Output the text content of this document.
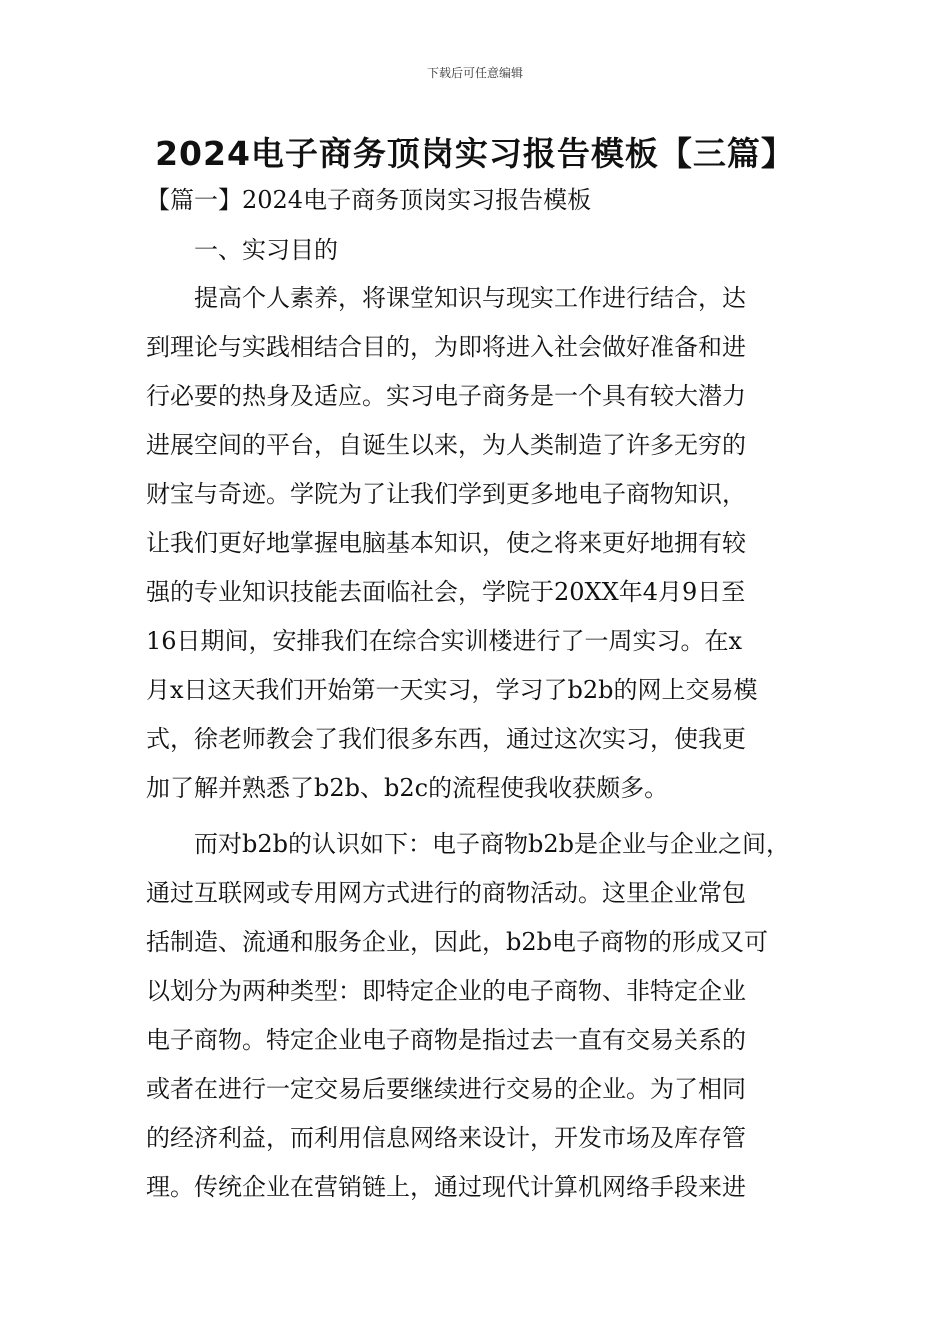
下载后可任意编辑
2024电子商务顶岗实习报告模板【三篇】
【篇一】2024电子商务顶岗实习报告模板
一、实习目的
　　提高个人素养，将课堂知识与现实工作进行结合，达
到理论与实践相结合目的，为即将进入社会做好准备和进
行必要的热身及适应。实习电子商务是一个具有较大潜力
进展空间的平台，自诞生以来，为人类制造了许多无穷的
财宝与奇迹。学院为了让我们学到更多地电子商物知识，
让我们更好地掌握电脑基本知识，使之将来更好地拥有较
强的专业知识技能去面临社会，学院于20XX年4月9日至
16日期间，安排我们在综合实训楼进行了一周实习。在x
月x日这天我们开始第一天实习，学习了b2b的网上交易模
式，徐老师教会了我们很多东西，通过这次实习，使我更
加了解并熟悉了b2b、b2c的流程使我收获颇多。
　　而对b2b的认识如下：电子商物b2b是企业与企业之间，
通过互联网或专用网方式进行的商物活动。这里企业常包
括制造、流通和服务企业，因此，b2b电子商物的形成又可
以划分为两种类型：即特定企业的电子商物、非特定企业
电子商物。特定企业电子商物是指过去一直有交易关系的
或者在进行一定交易后要继续进行交易的企业。为了相同
的经济利益，而利用信息网络来设计，开发市场及库存管
理。传统企业在营销链上，通过现代计算机网络手段来进
